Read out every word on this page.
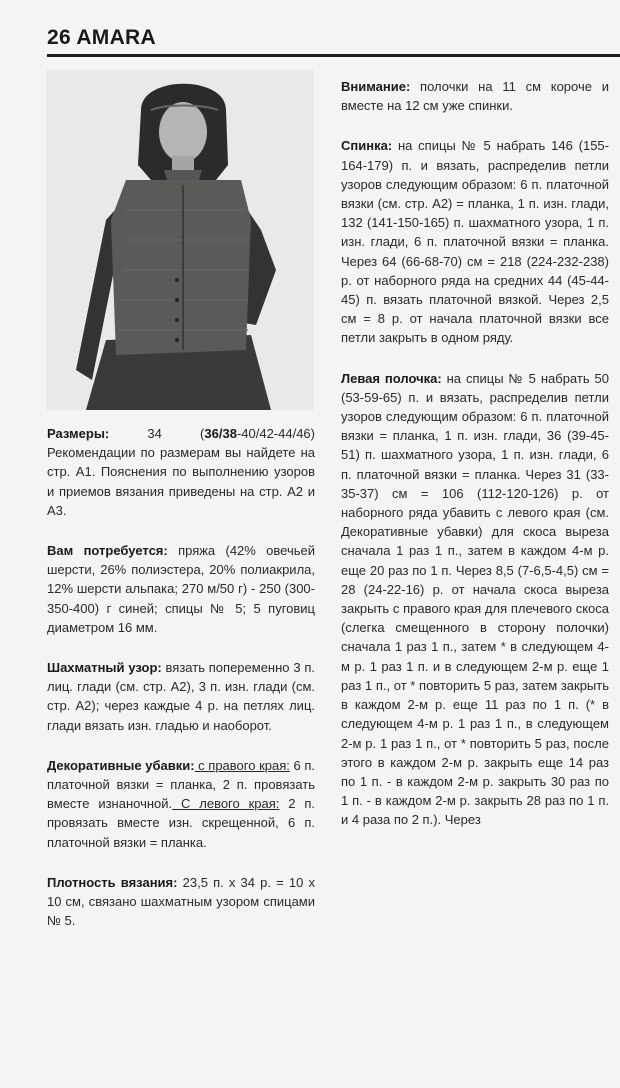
26 AMARA

Размеры: 34 (36/38-40/42-44/46) Рекомендации по размерам вы найдете на стр. А1. Пояснения по выполнению узоров и приемов вязания приведены на стр. А2 и А3.

Вам потребуется: пряжа (42% овечьей шерсти, 26% полиэстера, 20% полиакрила, 12% шерсти альпака; 270 м/50 г) - 250 (300-350-400) г синей; спицы № 5; 5 пуговиц диаметром 16 мм.

Шахматный узор: вязать попеременно 3 п. лиц. глади (см. стр. А2), 3 п. изн. глади (см. стр. А2); через каждые 4 р. на петлях лиц. глади вязать изн. гладью и наоборот.

Декоративные убавки: с правого края: 6 п. платочной вязки = планка, 2 п. провязать вместе изнаночной. С левого края: 2 п. провязать вместе изн. скрещенной, 6 п. платочной вязки = планка.

Плотность вязания: 23,5 п. х 34 р. = 10 х 10 см, связано шахматным узором спицами № 5.

Внимание: полочки на 11 см короче и вместе на 12 см уже спинки.

Спинка: на спицы № 5 набрать 146 (155-164-179) п. и вязать, распределив петли узоров следующим образом: 6 п. платочной вязки (см. стр. А2) = планка, 1 п. изн. глади, 132 (141-150-165) п. шахматного узора, 1 п. изн. глади, 6 п. платочной вязки = планка. Через 64 (66-68-70) см = 218 (224-232-238) р. от наборного ряда на средних 44 (45-44-45) п. вязать платочной вязкой. Через 2,5 см = 8 р. от начала платочной вязки все петли закрыть в одном ряду.

Левая полочка: на спицы № 5 набрать 50 (53-59-65) п. и вязать, распределив петли узоров следующим образом: 6 п. платочной вязки = планка, 1 п. изн. глади, 36 (39-45-51) п. шахматного узора, 1 п. изн. глади, 6 п. платочной вязки = планка. Через 31 (33-35-37) см = 106 (112-120-126) р. от наборного ряда убавить с левого края (см. Декоративные убавки) для скоса выреза сначала 1 раз 1 п., затем в каждом 4-м р. еще 20 раз по 1 п. Через 8,5 (7-6,5-4,5) см = 28 (24-22-16) р. от начала скоса выреза закрыть с правого края для плечевого скоса (слегка смещенного в сторону полочки) сначала 1 раз 1 п., затем * в следующем 4-м р. 1 раз 1 п. и в следующем 2-м р. еще 1 раз 1 п., от * повторить 5 раз, затем закрыть в каждом 2-м р. еще 11 раз по 1 п. (* в следующем 4-м р. 1 раз 1 п., в следующем 2-м р. 1 раз 1 п., от * повторить 5 раз, после этого в каждом 2-м р. закрыть еще 14 раз по 1 п. - в каждом 2-м р. закрыть 30 раз по 1 п. - в каждом 2-м р. закрыть 28 раз по 1 п. и 4 раза по 2 п.). Через
